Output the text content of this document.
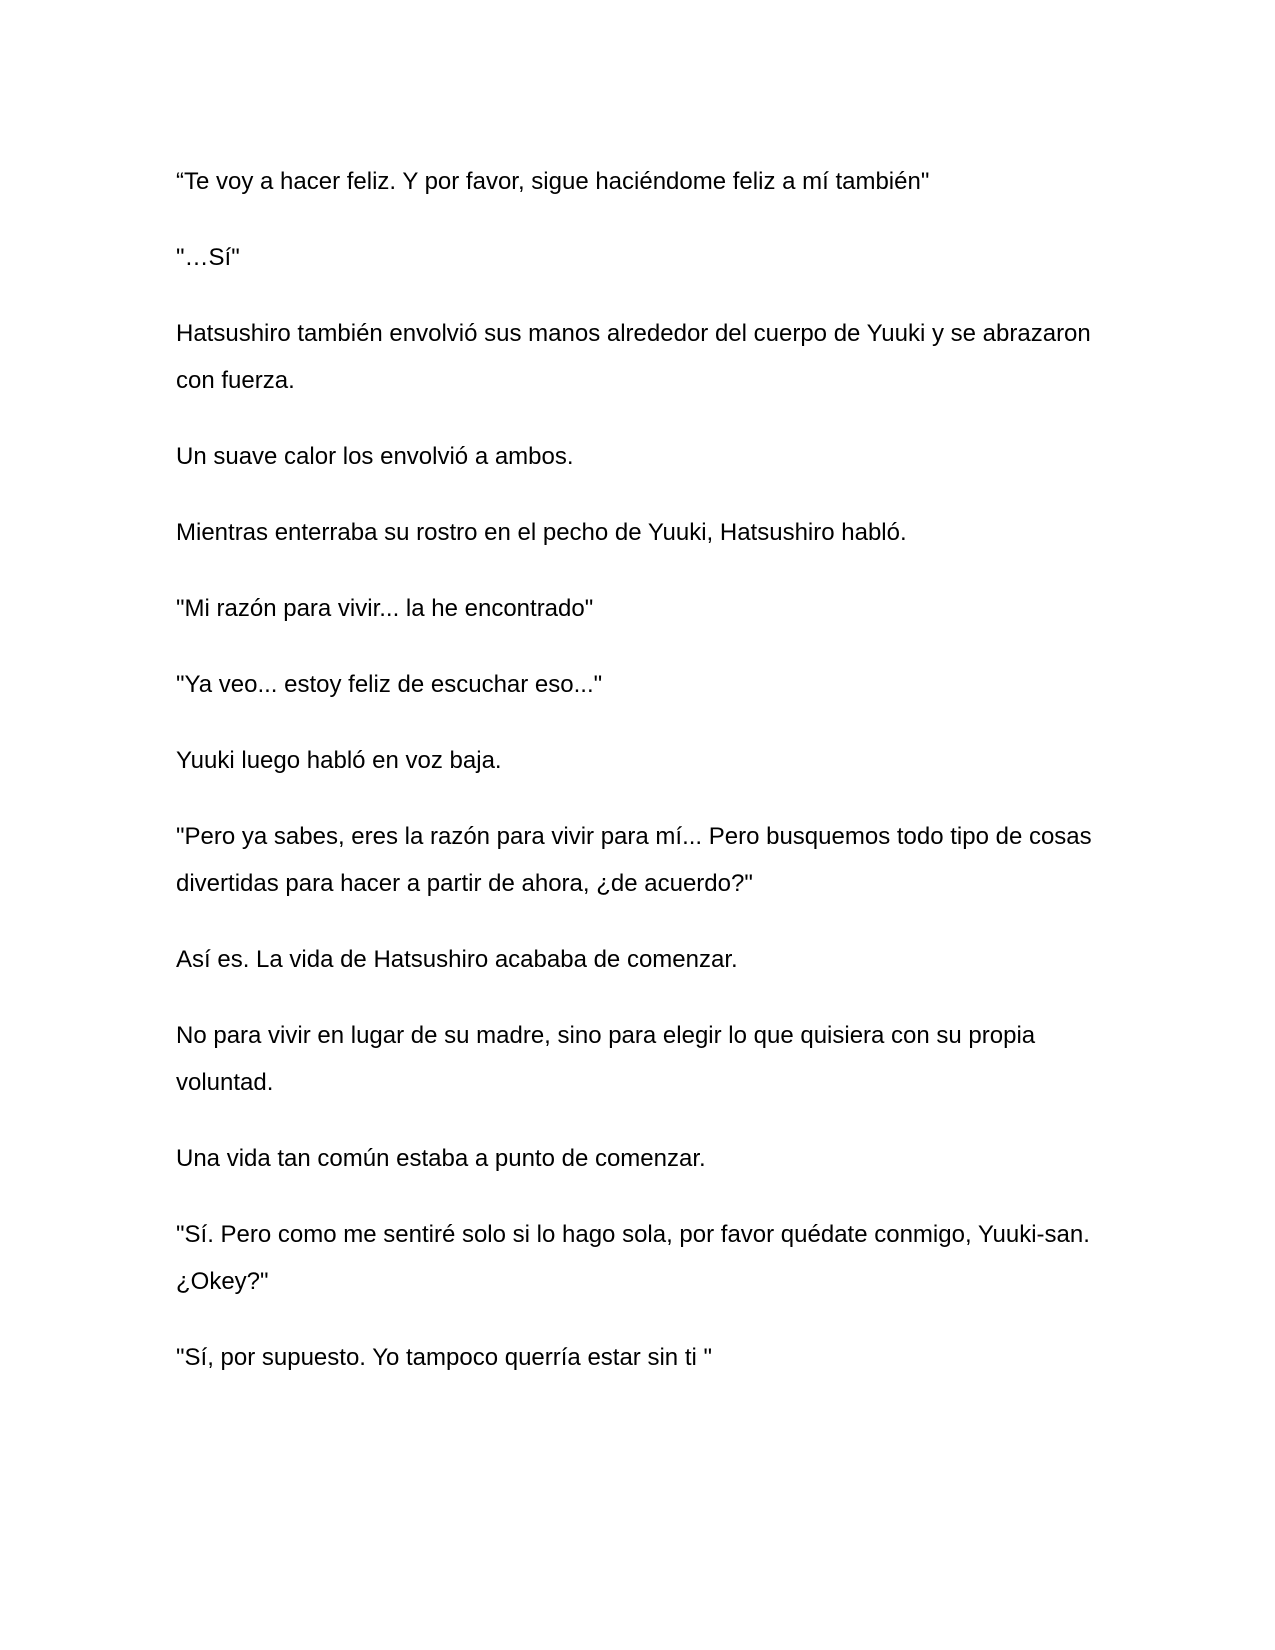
“Te voy a hacer feliz. Y por favor, sigue haciéndome feliz a mí también"

"…Sí"

Hatsushiro también envolvió sus manos alrededor del cuerpo de Yuuki y se abrazaron con fuerza.

Un suave calor los envolvió a ambos.

Mientras enterraba su rostro en el pecho de Yuuki, Hatsushiro habló.

"Mi razón para vivir... la he encontrado"

"Ya veo... estoy feliz de escuchar eso..."

Yuuki luego habló en voz baja.

"Pero ya sabes, eres la razón para vivir para mí... Pero busquemos todo tipo de cosas divertidas para hacer a partir de ahora, ¿de acuerdo?"

Así es. La vida de Hatsushiro acababa de comenzar.

No para vivir en lugar de su madre, sino para elegir lo que quisiera con su propia voluntad.

Una vida tan común estaba a punto de comenzar.

"Sí. Pero como me sentiré solo si lo hago sola, por favor quédate conmigo, Yuuki-san. ¿Okey?"

"Sí, por supuesto. Yo tampoco querría estar sin ti "
